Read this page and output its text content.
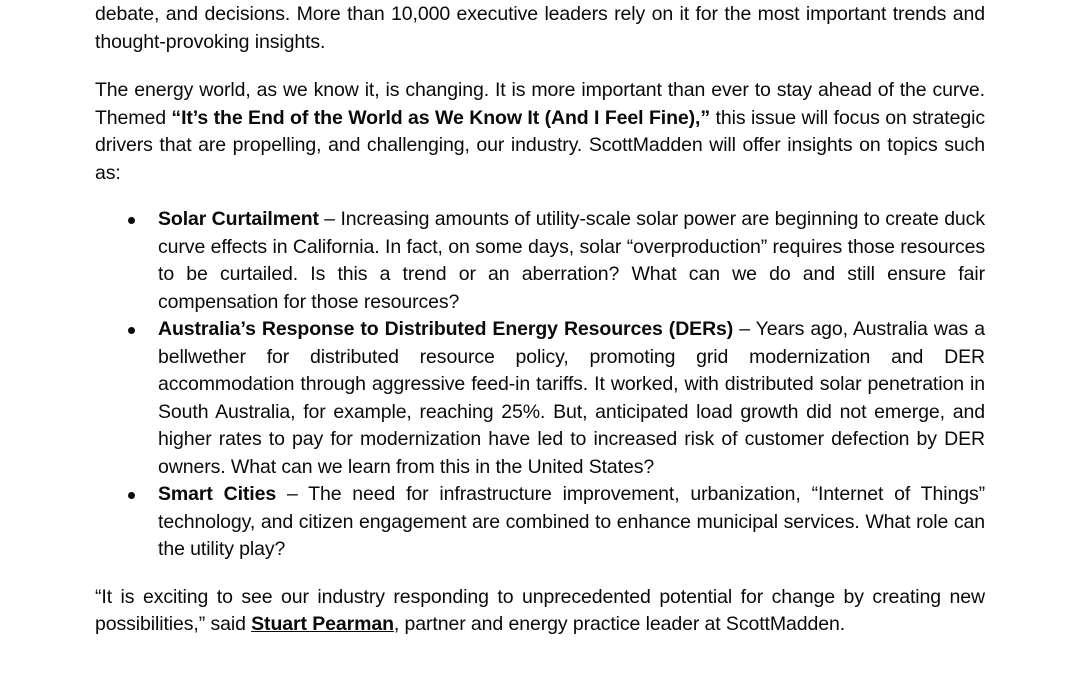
debate, and decisions. More than 10,000 executive leaders rely on it for the most important trends and thought-provoking insights.

The energy world, as we know it, is changing. It is more important than ever to stay ahead of the curve. Themed “It’s the End of the World as We Know It (And I Feel Fine),” this issue will focus on strategic drivers that are propelling, and challenging, our industry. ScottMadden will offer insights on topics such as:

Solar Curtailment – Increasing amounts of utility-scale solar power are beginning to create duck curve effects in California. In fact, on some days, solar “overproduction” requires those resources to be curtailed. Is this a trend or an aberration? What can we do and still ensure fair compensation for those resources?
Australia’s Response to Distributed Energy Resources (DERs) – Years ago, Australia was a bellwether for distributed resource policy, promoting grid modernization and DER accommodation through aggressive feed-in tariffs. It worked, with distributed solar penetration in South Australia, for example, reaching 25%. But, anticipated load growth did not emerge, and higher rates to pay for modernization have led to increased risk of customer defection by DER owners. What can we learn from this in the United States?
Smart Cities – The need for infrastructure improvement, urbanization, “Internet of Things” technology, and citizen engagement are combined to enhance municipal services. What role can the utility play?

“It is exciting to see our industry responding to unprecedented potential for change by creating new possibilities,” said Stuart Pearman, partner and energy practice leader at ScottMadden.
